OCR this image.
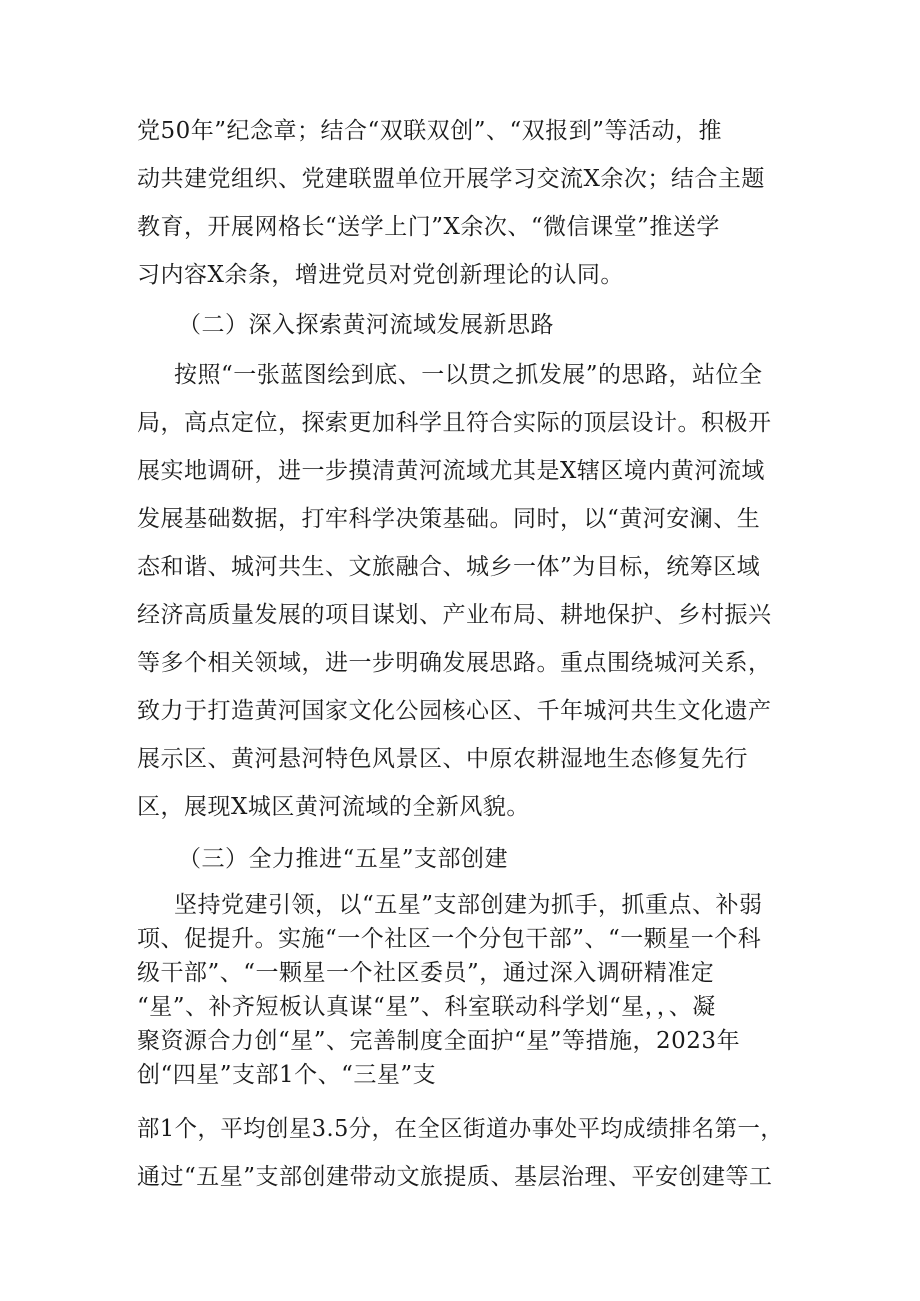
党50年”纪念章；结合“双联双创”、“双报到”等活动，推
动共建党组织、党建联盟单位开展学习交流X余次；结合主题
教育，开展网格长“送学上门”X余次、“微信课堂”推送学
习内容X余条，增进党员对党创新理论的认同。
（二）深入探索黄河流域发展新思路
按照“一张蓝图绘到底、一以贯之抓发展”的思路，站位全
局，高点定位，探索更加科学且符合实际的顶层设计。积极开
展实地调研，进一步摸清黄河流域尤其是X辖区境内黄河流域
发展基础数据，打牢科学决策基础。同时，以“黄河安澜、生
态和谐、城河共生、文旅融合、城乡一体”为目标，统筹区域
经济高质量发展的项目谋划、产业布局、耕地保护、乡村振兴
等多个相关领域，进一步明确发展思路。重点围绕城河关系，
致力于打造黄河国家文化公园核心区、千年城河共生文化遗产
展示区、黄河悬河特色风景区、中原农耕湿地生态修复先行
区，展现X城区黄河流域的全新风貌。
（三）全力推进“五星”支部创建
坚持党建引领，以“五星”支部创建为抓手，抓重点、补弱
项、促提升。实施“一个社区一个分包干部”、“一颗星一个科
级干部”、“一颗星一个社区委员”，通过深入调研精准定
“星”、补齐短板认真谋“星”、科室联动科学划“星，，、凝
聚资源合力创“星”、完善制度全面护“星”等措施，2023年
创“四星”支部1个、“三星”支
部1个，平均创星3.5分，在全区街道办事处平均成绩排名第一，
通过“五星”支部创建带动文旅提质、基层治理、平安创建等工
